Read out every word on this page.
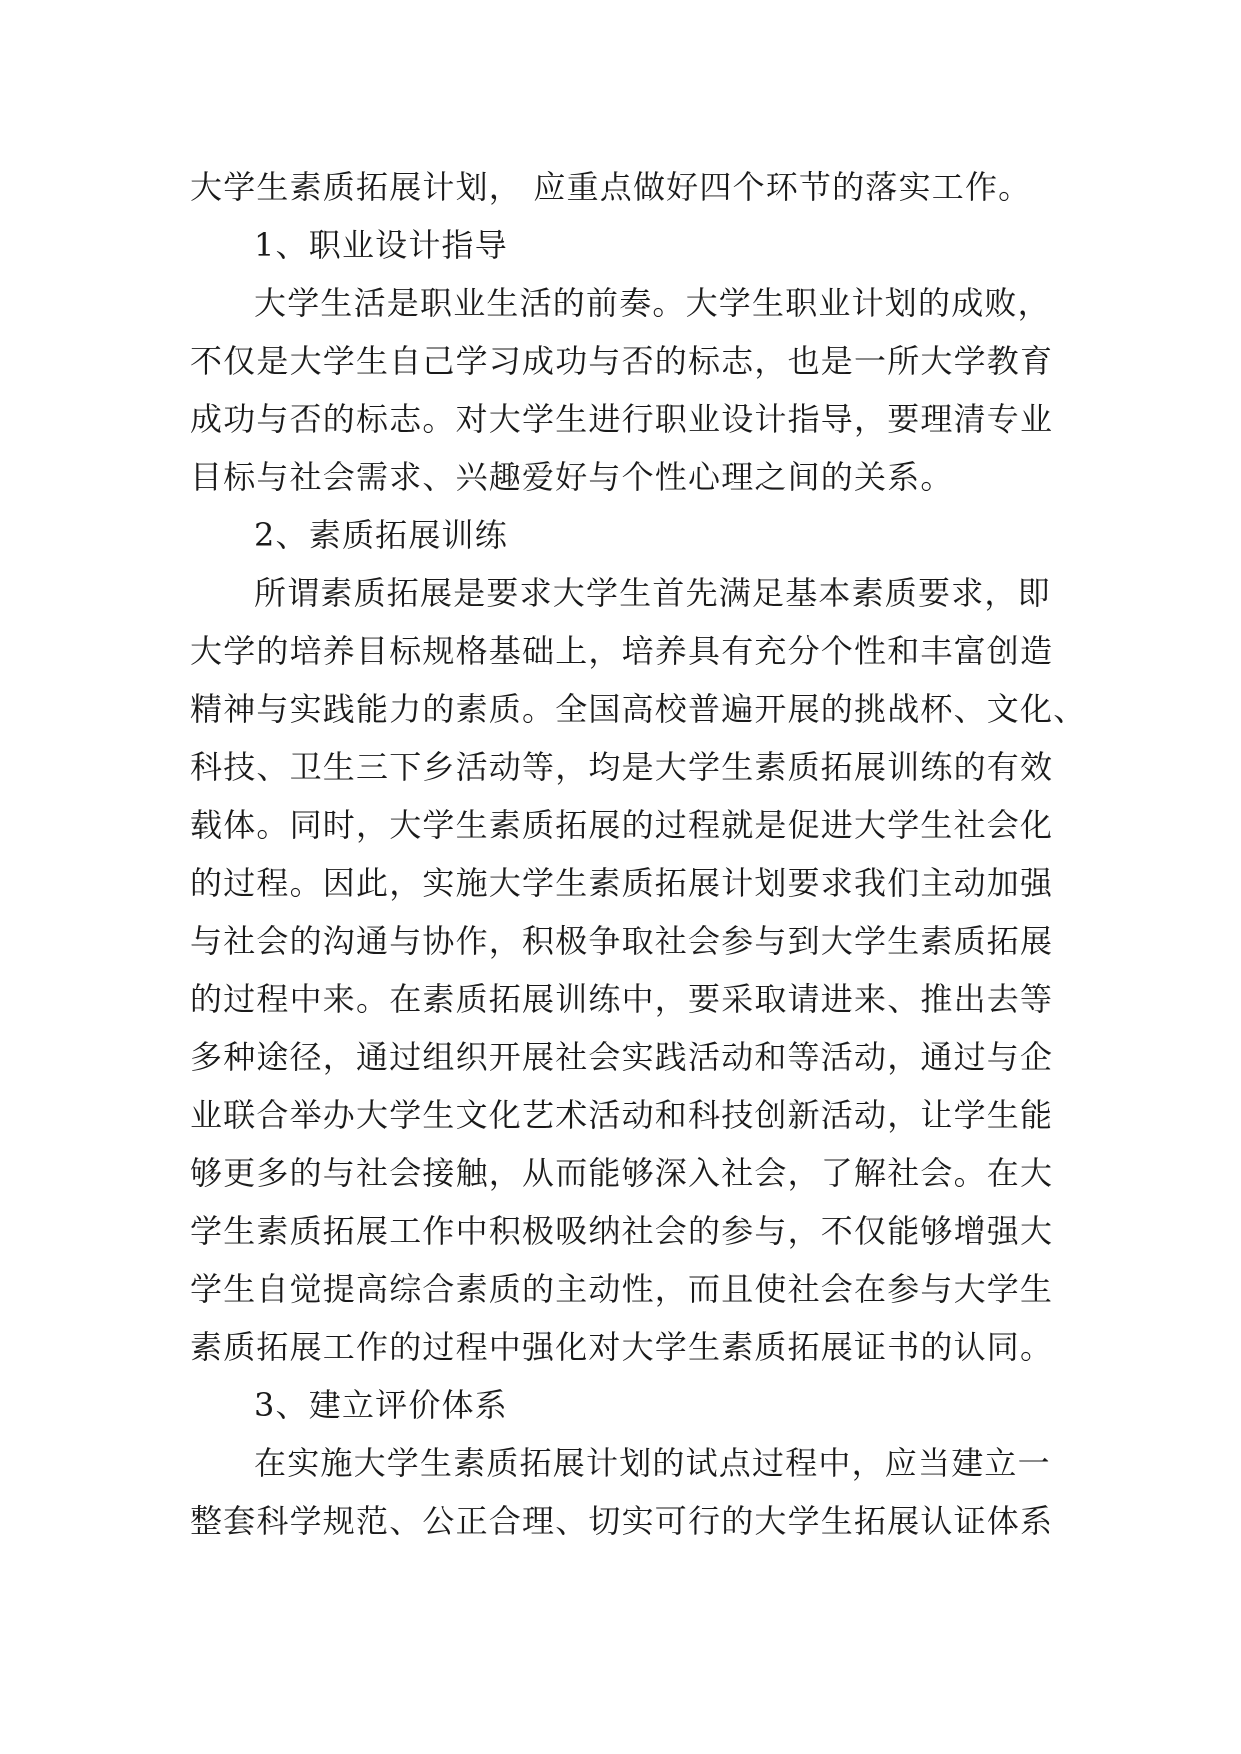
大学生素质拓展计划， 应重点做好四个环节的落实工作。
1、职业设计指导
大学生活是职业生活的前奏。大学生职业计划的成败，
不仅是大学生自己学习成功与否的标志，也是一所大学教育
成功与否的标志。对大学生进行职业设计指导，要理清专业
目标与社会需求、兴趣爱好与个性心理之间的关系。
2、素质拓展训练
所谓素质拓展是要求大学生首先满足基本素质要求，即
大学的培养目标规格基础上，培养具有充分个性和丰富创造
精神与实践能力的素质。全国高校普遍开展的挑战杯、文化、
科技、卫生三下乡活动等，均是大学生素质拓展训练的有效
载体。同时，大学生素质拓展的过程就是促进大学生社会化
的过程。因此，实施大学生素质拓展计划要求我们主动加强
与社会的沟通与协作，积极争取社会参与到大学生素质拓展
的过程中来。在素质拓展训练中，要采取请进来、推出去等
多种途径，通过组织开展社会实践活动和等活动，通过与企
业联合举办大学生文化艺术活动和科技创新活动，让学生能
够更多的与社会接触，从而能够深入社会，了解社会。在大
学生素质拓展工作中积极吸纳社会的参与，不仅能够增强大
学生自觉提高综合素质的主动性，而且使社会在参与大学生
素质拓展工作的过程中强化对大学生素质拓展证书的认同。
3、建立评价体系
在实施大学生素质拓展计划的试点过程中，应当建立一
整套科学规范、公正合理、切实可行的大学生拓展认证体系
